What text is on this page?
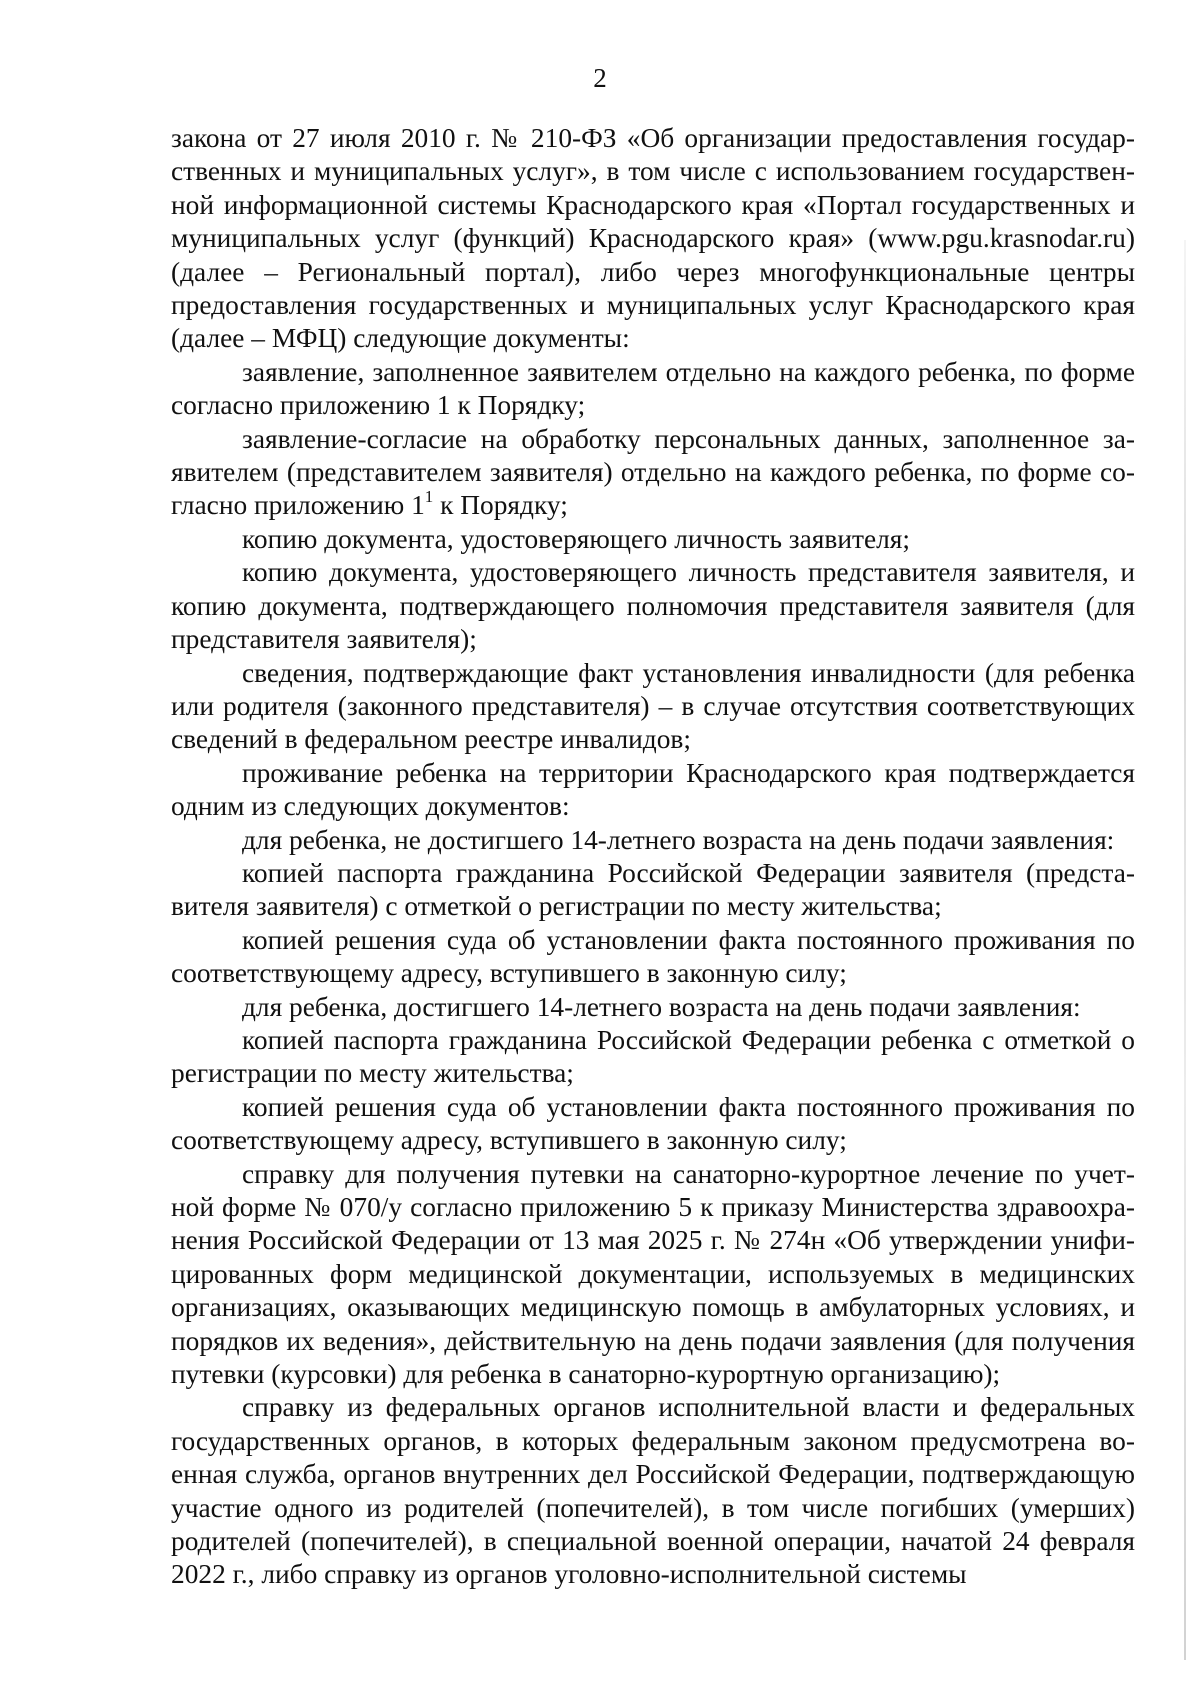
2

закона от 27 июля 2010 г. № 210-ФЗ «Об организации предоставления государственных и муниципальных услуг», в том числе с использованием государственной информационной системы Краснодарского края «Портал государственных и муниципальных услуг (функций) Краснодарского края» (www.pgu.krasnodar.ru) (далее – Региональный портал), либо через многофункциональные центры предоставления государственных и муниципальных услуг Краснодарского края (далее – МФЦ) следующие документы:

заявление, заполненное заявителем отдельно на каждого ребенка, по форме согласно приложению 1 к Порядку;

заявление-согласие на обработку персональных данных, заполненное заявителем (представителем заявителя) отдельно на каждого ребенка, по форме согласно приложению $1^1$ к Порядку;

копию документа, удостоверяющего личность заявителя;

копию документа, удостоверяющего личность представителя заявителя, и копию документа, подтверждающего полномочия представителя заявителя (для представителя заявителя);

сведения, подтверждающие факт установления инвалидности (для ребенка или родителя (законного представителя) – в случае отсутствия соответствующих сведений в федеральном реестре инвалидов;

проживание ребенка на территории Краснодарского края подтверждается одним из следующих документов:

для ребенка, не достигшего 14-летнего возраста на день подачи заявления:

копией паспорта гражданина Российской Федерации заявителя (представителя заявителя) с отметкой о регистрации по месту жительства;

копией решения суда об установлении факта постоянного проживания по соответствующему адресу, вступившего в законную силу;

для ребенка, достигшего 14-летнего возраста на день подачи заявления:

копией паспорта гражданина Российской Федерации ребенка с отметкой о регистрации по месту жительства;

копией решения суда об установлении факта постоянного проживания по соответствующему адресу, вступившего в законную силу;

справку для получения путевки на санаторно-курортное лечение по учетной форме № 070/у согласно приложению 5 к приказу Министерства здравоохранения Российской Федерации от 13 мая 2025 г. № 274н «Об утверждении унифицированных форм медицинской документации, используемых в медицинских организациях, оказывающих медицинскую помощь в амбулаторных условиях, и порядков их ведения», действительную на день подачи заявления (для получения путевки (курсовки) для ребенка в санаторно-курортную организацию);

справку из федеральных органов исполнительной власти и федеральных государственных органов, в которых федеральным законом предусмотрена военная служба, органов внутренних дел Российской Федерации, подтверждающую участие одного из родителей (попечителей), в том числе погибших (умерших) родителей (попечителей), в специальной военной операции, начатой 24 февраля 2022 г., либо справку из органов уголовно-исполнительной системы
